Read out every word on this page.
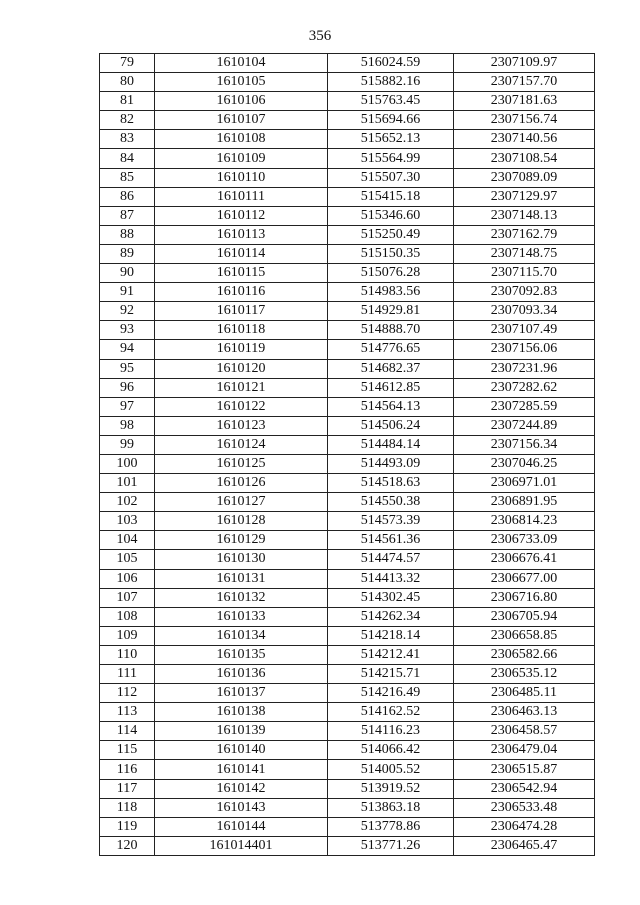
356
79	1610104	516024.59	2307109.97
80	1610105	515882.16	2307157.70
81	1610106	515763.45	2307181.63
82	1610107	515694.66	2307156.74
83	1610108	515652.13	2307140.56
84	1610109	515564.99	2307108.54
85	1610110	515507.30	2307089.09
86	1610111	515415.18	2307129.97
87	1610112	515346.60	2307148.13
88	1610113	515250.49	2307162.79
89	1610114	515150.35	2307148.75
90	1610115	515076.28	2307115.70
91	1610116	514983.56	2307092.83
92	1610117	514929.81	2307093.34
93	1610118	514888.70	2307107.49
94	1610119	514776.65	2307156.06
95	1610120	514682.37	2307231.96
96	1610121	514612.85	2307282.62
97	1610122	514564.13	2307285.59
98	1610123	514506.24	2307244.89
99	1610124	514484.14	2307156.34
100	1610125	514493.09	2307046.25
101	1610126	514518.63	2306971.01
102	1610127	514550.38	2306891.95
103	1610128	514573.39	2306814.23
104	1610129	514561.36	2306733.09
105	1610130	514474.57	2306676.41
106	1610131	514413.32	2306677.00
107	1610132	514302.45	2306716.80
108	1610133	514262.34	2306705.94
109	1610134	514218.14	2306658.85
110	1610135	514212.41	2306582.66
111	1610136	514215.71	2306535.12
112	1610137	514216.49	2306485.11
113	1610138	514162.52	2306463.13
114	1610139	514116.23	2306458.57
115	1610140	514066.42	2306479.04
116	1610141	514005.52	2306515.87
117	1610142	513919.52	2306542.94
118	1610143	513863.18	2306533.48
119	1610144	513778.86	2306474.28
120	161014401	513771.26	2306465.47
